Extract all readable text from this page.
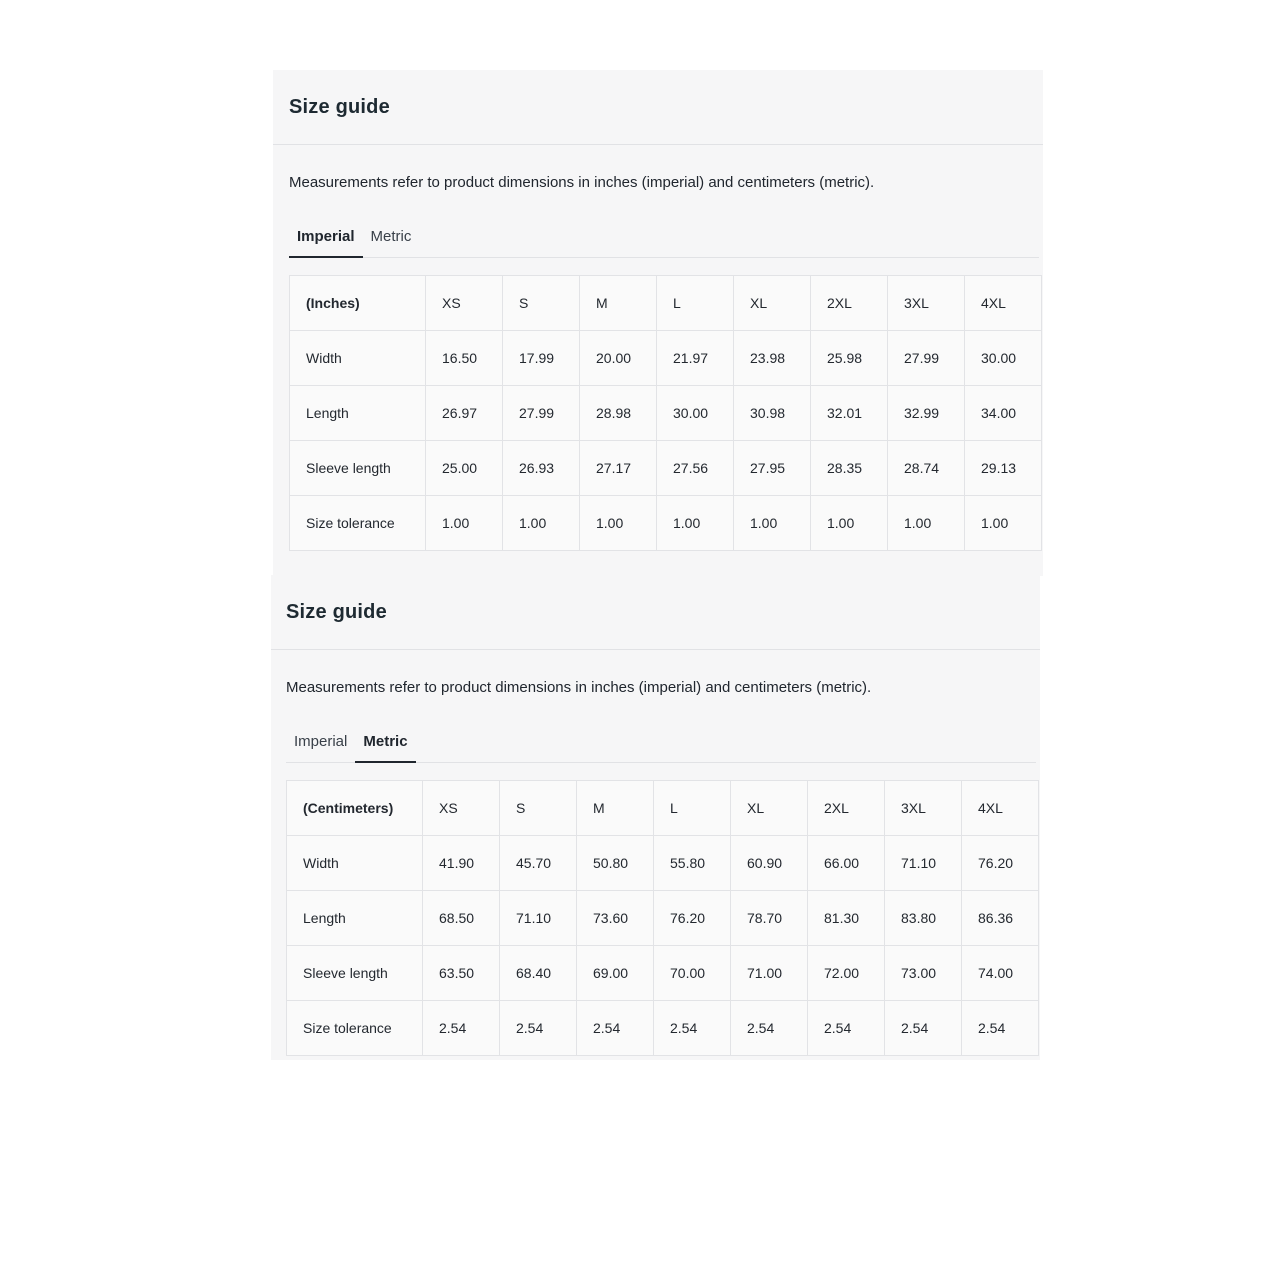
Size guide

Measurements refer to product dimensions in inches (imperial) and centimeters (metric).

Imperial	Metric
(Inches)	XS	S	M	L	XL	2XL	3XL	4XL
Width	16.50	17.99	20.00	21.97	23.98	25.98	27.99	30.00
Length	26.97	27.99	28.98	30.00	30.98	32.01	32.99	34.00
Sleeve length	25.00	26.93	27.17	27.56	27.95	28.35	28.74	29.13
Size tolerance	1.00	1.00	1.00	1.00	1.00	1.00	1.00	1.00
Size guide

Measurements refer to product dimensions in inches (imperial) and centimeters (metric).

Imperial	Metric
(Centimeters)	XS	S	M	L	XL	2XL	3XL	4XL
Width	41.90	45.70	50.80	55.80	60.90	66.00	71.10	76.20
Length	68.50	71.10	73.60	76.20	78.70	81.30	83.80	86.36
Sleeve length	63.50	68.40	69.00	70.00	71.00	72.00	73.00	74.00
Size tolerance	2.54	2.54	2.54	2.54	2.54	2.54	2.54	2.54
